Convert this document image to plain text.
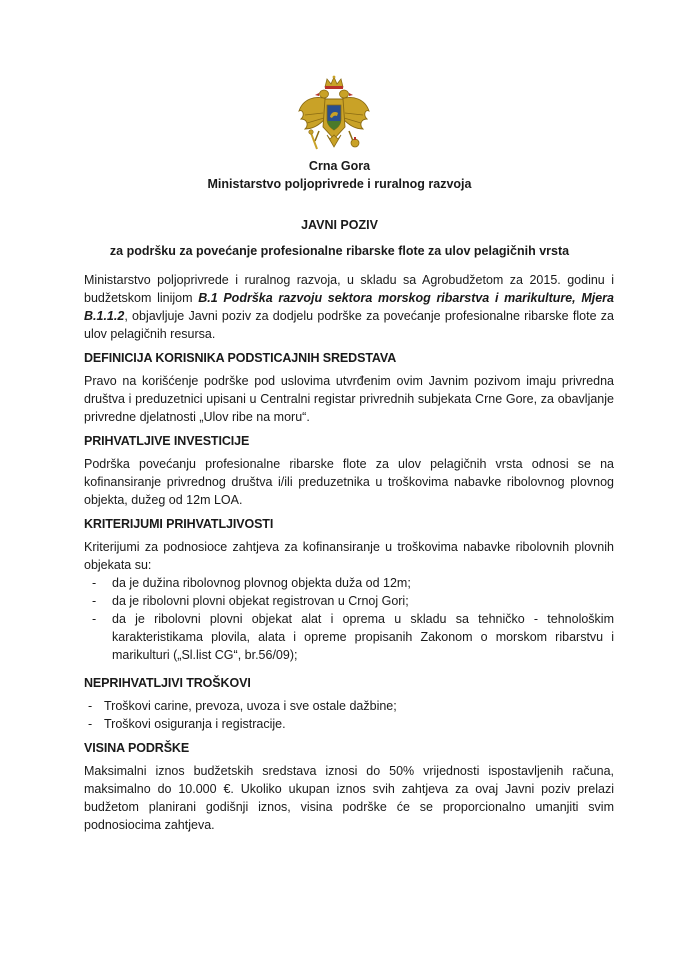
Crna Gora
Ministarstvo poljoprivrede i ruralnog razvoja
JAVNI POZIV
za podršku za povećanje profesionalne ribarske flote za ulov pelagičnih vrsta

Ministarstvo poljoprivrede i ruralnog razvoja, u skladu sa Agrobudžetom za 2015. godinu i budžetskom linijom B.1 Podrška razvoju sektora morskog ribarstva i marikulture, Mjera B.1.1.2, objavljuje Javni poziv za dodjelu podrške za povećanje profesionalne ribarske flote za ulov pelagičnih resursa.

DEFINICIJA KORISNIKA PODSTICAJNIH SREDSTAVA

Pravo na korišćenje podrške pod uslovima utvrđenim ovim Javnim pozivom imaju privredna društva i preduzetnici upisani u Centralni registar privrednih subjekata Crne Gore, za obavljanje privredne djelatnosti „Ulov ribe na moru“.

PRIHVATLJIVE INVESTICIJE

Podrška povećanju profesionalne ribarske flote za ulov pelagičnih vrsta odnosi se na kofinansiranje privrednog društva i/ili preduzetnika u troškovima nabavke ribolovnog plovnog objekta, dužeg od 12m LOA.

KRITERIJUMI PRIHVATLJIVOSTI

Kriterijumi za podnosioce zahtjeva za kofinansiranje u troškovima nabavke ribolovnih plovnih objekata su:

- da je dužina ribolovnog plovnog objekta duža od 12m;
- da je ribolovni plovni objekat registrovan u Crnoj Gori;
- da je ribolovni plovni objekat alat i oprema u skladu sa tehničko - tehnološkim karakteristikama plovila, alata i opreme propisanih Zakonom o morskom ribarstvu i marikulturi („Sl.list CG“, br.56/09);
NEPRIHVATLJIVI TROŠKOVI
‐ Troškovi carine, prevoza, uvoza i sve ostale dažbine;
‐ Troškovi osiguranja i registracije.
VISINA PODRŠKE

Maksimalni iznos budžetskih sredstava iznosi do 50% vrijednosti ispostavljenih računa, maksimalno do 10.000 €. Ukoliko ukupan iznos svih zahtjeva za ovaj Javni poziv prelazi budžetom planirani godišnji iznos, visina podrške će se proporcionalno umanjiti svim podnosiocima zahtjeva.
